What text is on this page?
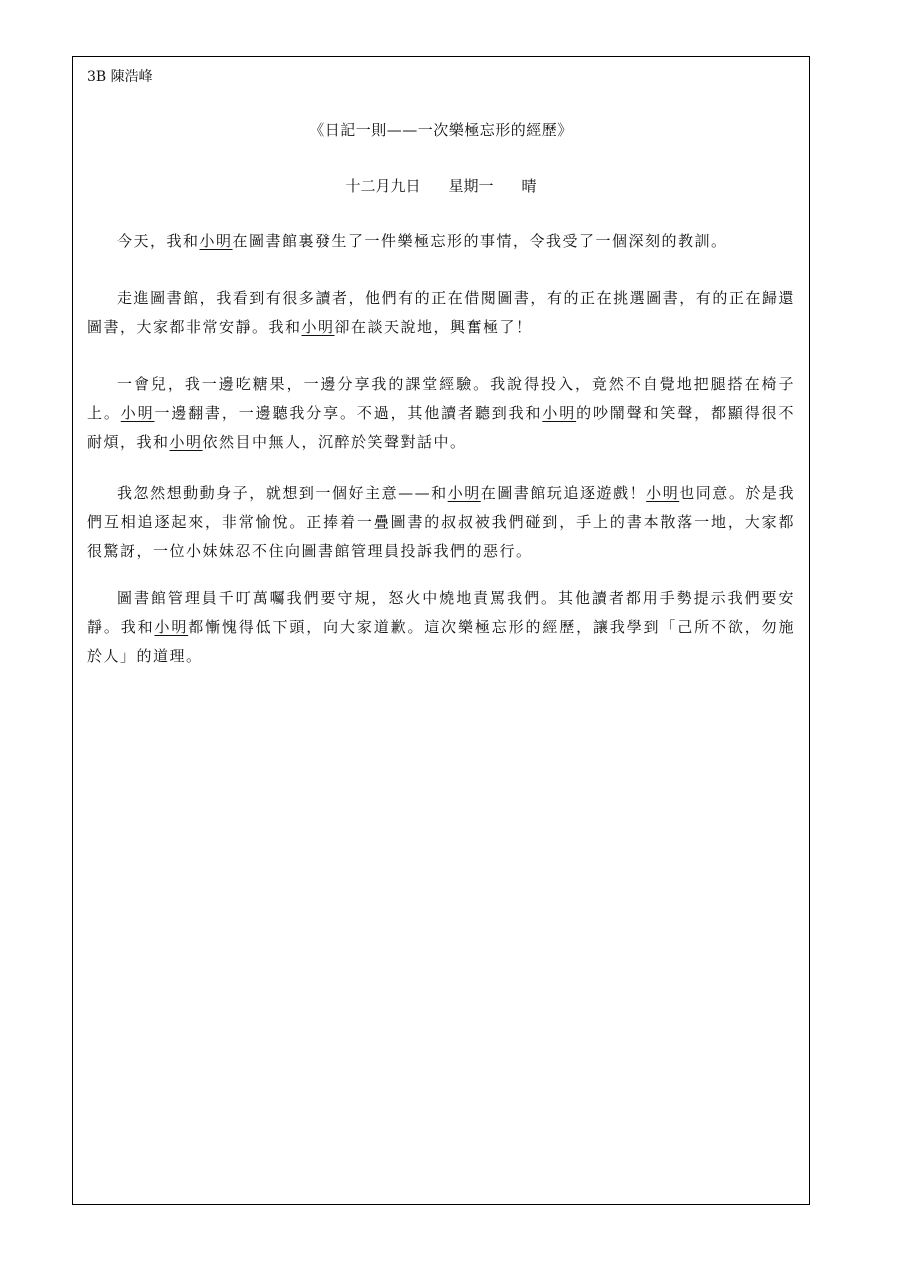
3B 陳浩峰
《日記一則——一次樂極忘形的經歷》
十二月九日 星期一 晴

今天，我和小明在圖書館裏發生了一件樂極忘形的事情，令我受了一個深刻的教訓。

走進圖書館，我看到有很多讀者，他們有的正在借閱圖書，有的正在挑選圖書，有的正在歸還圖書，大家都非常安靜。我和小明卻在談天說地，興奮極了！

一會兒，我一邊吃糖果，一邊分享我的課堂經驗。我說得投入，竟然不自覺地把腿搭在椅子上。小明一邊翻書，一邊聽我分享。不過，其他讀者聽到我和小明的吵鬧聲和笑聲，都顯得很不耐煩，我和小明依然目中無人，沉醉於笑聲對話中。

我忽然想動動身子，就想到一個好主意——和小明在圖書館玩追逐遊戲！小明也同意。於是我們互相追逐起來，非常愉悅。正捧着一疊圖書的叔叔被我們碰到，手上的書本散落一地，大家都很驚訝，一位小妹妹忍不住向圖書館管理員投訴我們的惡行。

圖書館管理員千叮萬囑我們要守規，怒火中燒地責罵我們。其他讀者都用手勢提示我們要安靜。我和小明都慚愧得低下頭，向大家道歉。這次樂極忘形的經歷，讓我學到「己所不欲，勿施於人」的道理。
